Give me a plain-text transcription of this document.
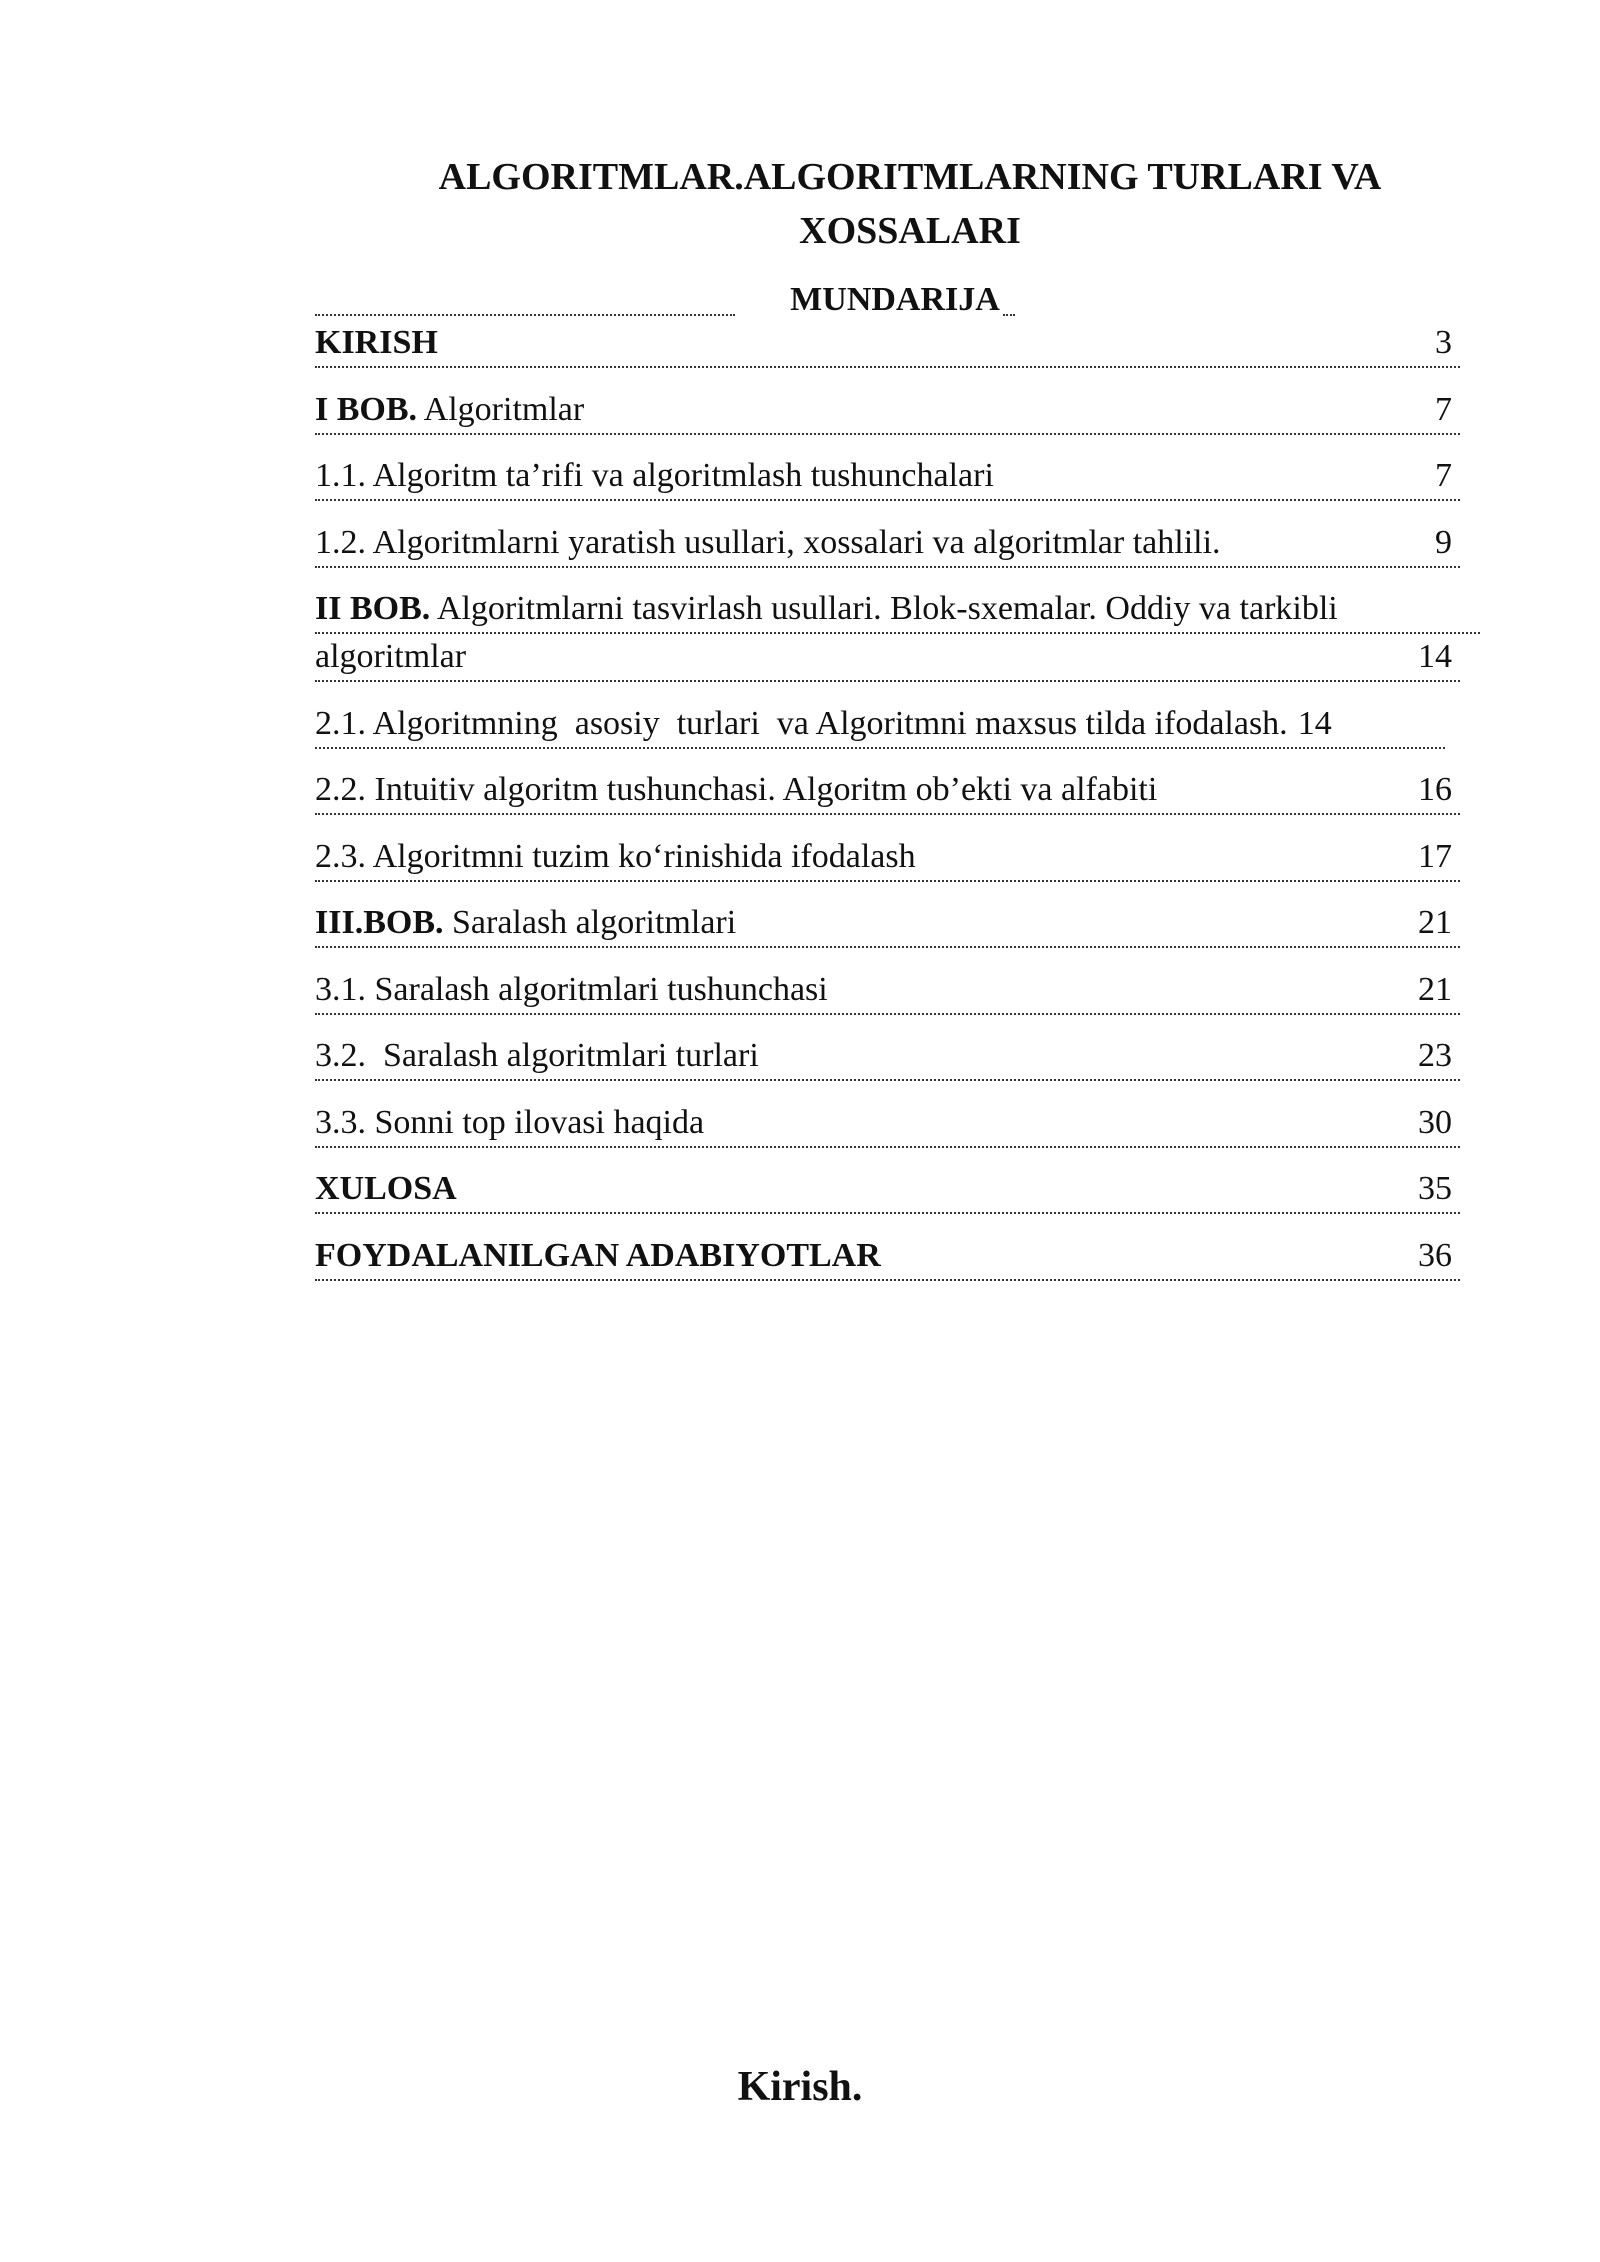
ALGORITMLAR.ALGORITMLARNING TURLARI VA XOSSALARI
MUNDARIJA
KIRISH	3
I BOB. Algoritmlar	7
1.1. Algoritm ta’rifi va algoritmlash tushunchalari	7
1.2. Algoritmlarni yaratish usullari, xossalari va algoritmlar tahlili.	9
II BOB. Algoritmlarni tasvirlash usullari. Blok-sxemalar. Oddiy va tarkibli
algoritmlar	14
2.1. Algoritmning  asosiy  turlari  va Algoritmni maxsus tilda ifodalash. 14
2.2. Intuitiv algoritm tushunchasi. Algoritm ob’ekti va alfabiti	16
2.3. Algoritmni tuzim ko‘rinishida ifodalash	17
III.BOB. Saralash algoritmlari	21
3.1. Saralash algoritmlari tushunchasi	21
3.2.  Saralash algoritmlari turlari	23
3.3. Sonni top ilovasi haqida	30
XULOSA	35
FOYDALANILGAN ADABIYOTLAR	36
Kirish.
